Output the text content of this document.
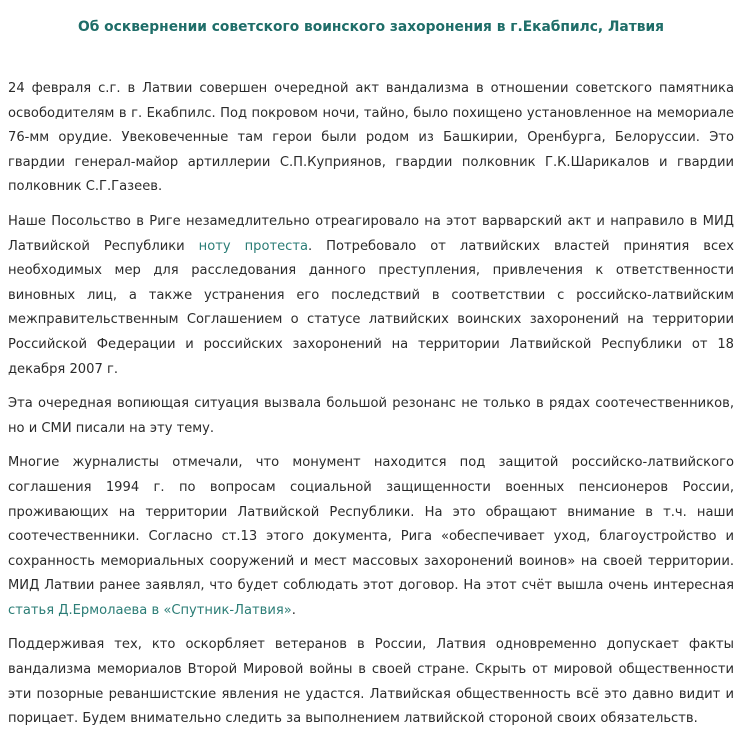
Об осквернении советского воинского захоронения в г.Екабпилс, Латвия

24 февраля с.г. в Латвии совершен очередной акт вандализма в отношении советского памятника освободителям в г. Екабпилс. Под покровом ночи, тайно, было похищено установленное на мемориале 76-мм орудие. Увековеченные там герои были родом из Башкирии, Оренбурга, Белоруссии. Это гвардии генерал-майор артиллерии С.П.Куприянов, гвардии полковник Г.К.Шарикалов и гвардии полковник С.Г.Газеев.

Наше Посольство в Риге незамедлительно отреагировало на этот варварский акт и направило в МИД Латвийской Республики ноту протеста. Потребовало от латвийских властей принятия всех необходимых мер для расследования данного преступления, привлечения к ответственности виновных лиц, а также устранения его последствий в соответствии с российско-латвийским межправительственным Соглашением о статусе латвийских воинских захоронений на территории Российской Федерации и российских захоронений на территории Латвийской Республики от 18 декабря 2007 г.

Эта очередная вопиющая ситуация вызвала большой резонанс не только в рядах соотечественников, но и СМИ писали на эту тему.

Многие журналисты отмечали, что монумент находится под защитой российско-латвийского соглашения 1994 г. по вопросам социальной защищенности военных пенсионеров России, проживающих на территории Латвийской Республики. На это обращают внимание в т.ч. наши соотечественники. Согласно ст.13 этого документа, Рига «обеспечивает уход, благоустройство и сохранность мемориальных сооружений и мест массовых захоронений воинов» на своей территории. МИД Латвии ранее заявлял, что будет соблюдать этот договор. На этот счёт вышла очень интересная статья Д.Ермолаева в «Спутник-Латвия».

Поддерживая тех, кто оскорбляет ветеранов в России, Латвия одновременно допускает факты вандализма мемориалов Второй Мировой войны в своей стране. Скрыть от мировой общественности эти позорные реваншистские явления не удастся. Латвийская общественность всё это давно видит и порицает. Будем внимательно следить за выполнением латвийской стороной своих обязательств.
